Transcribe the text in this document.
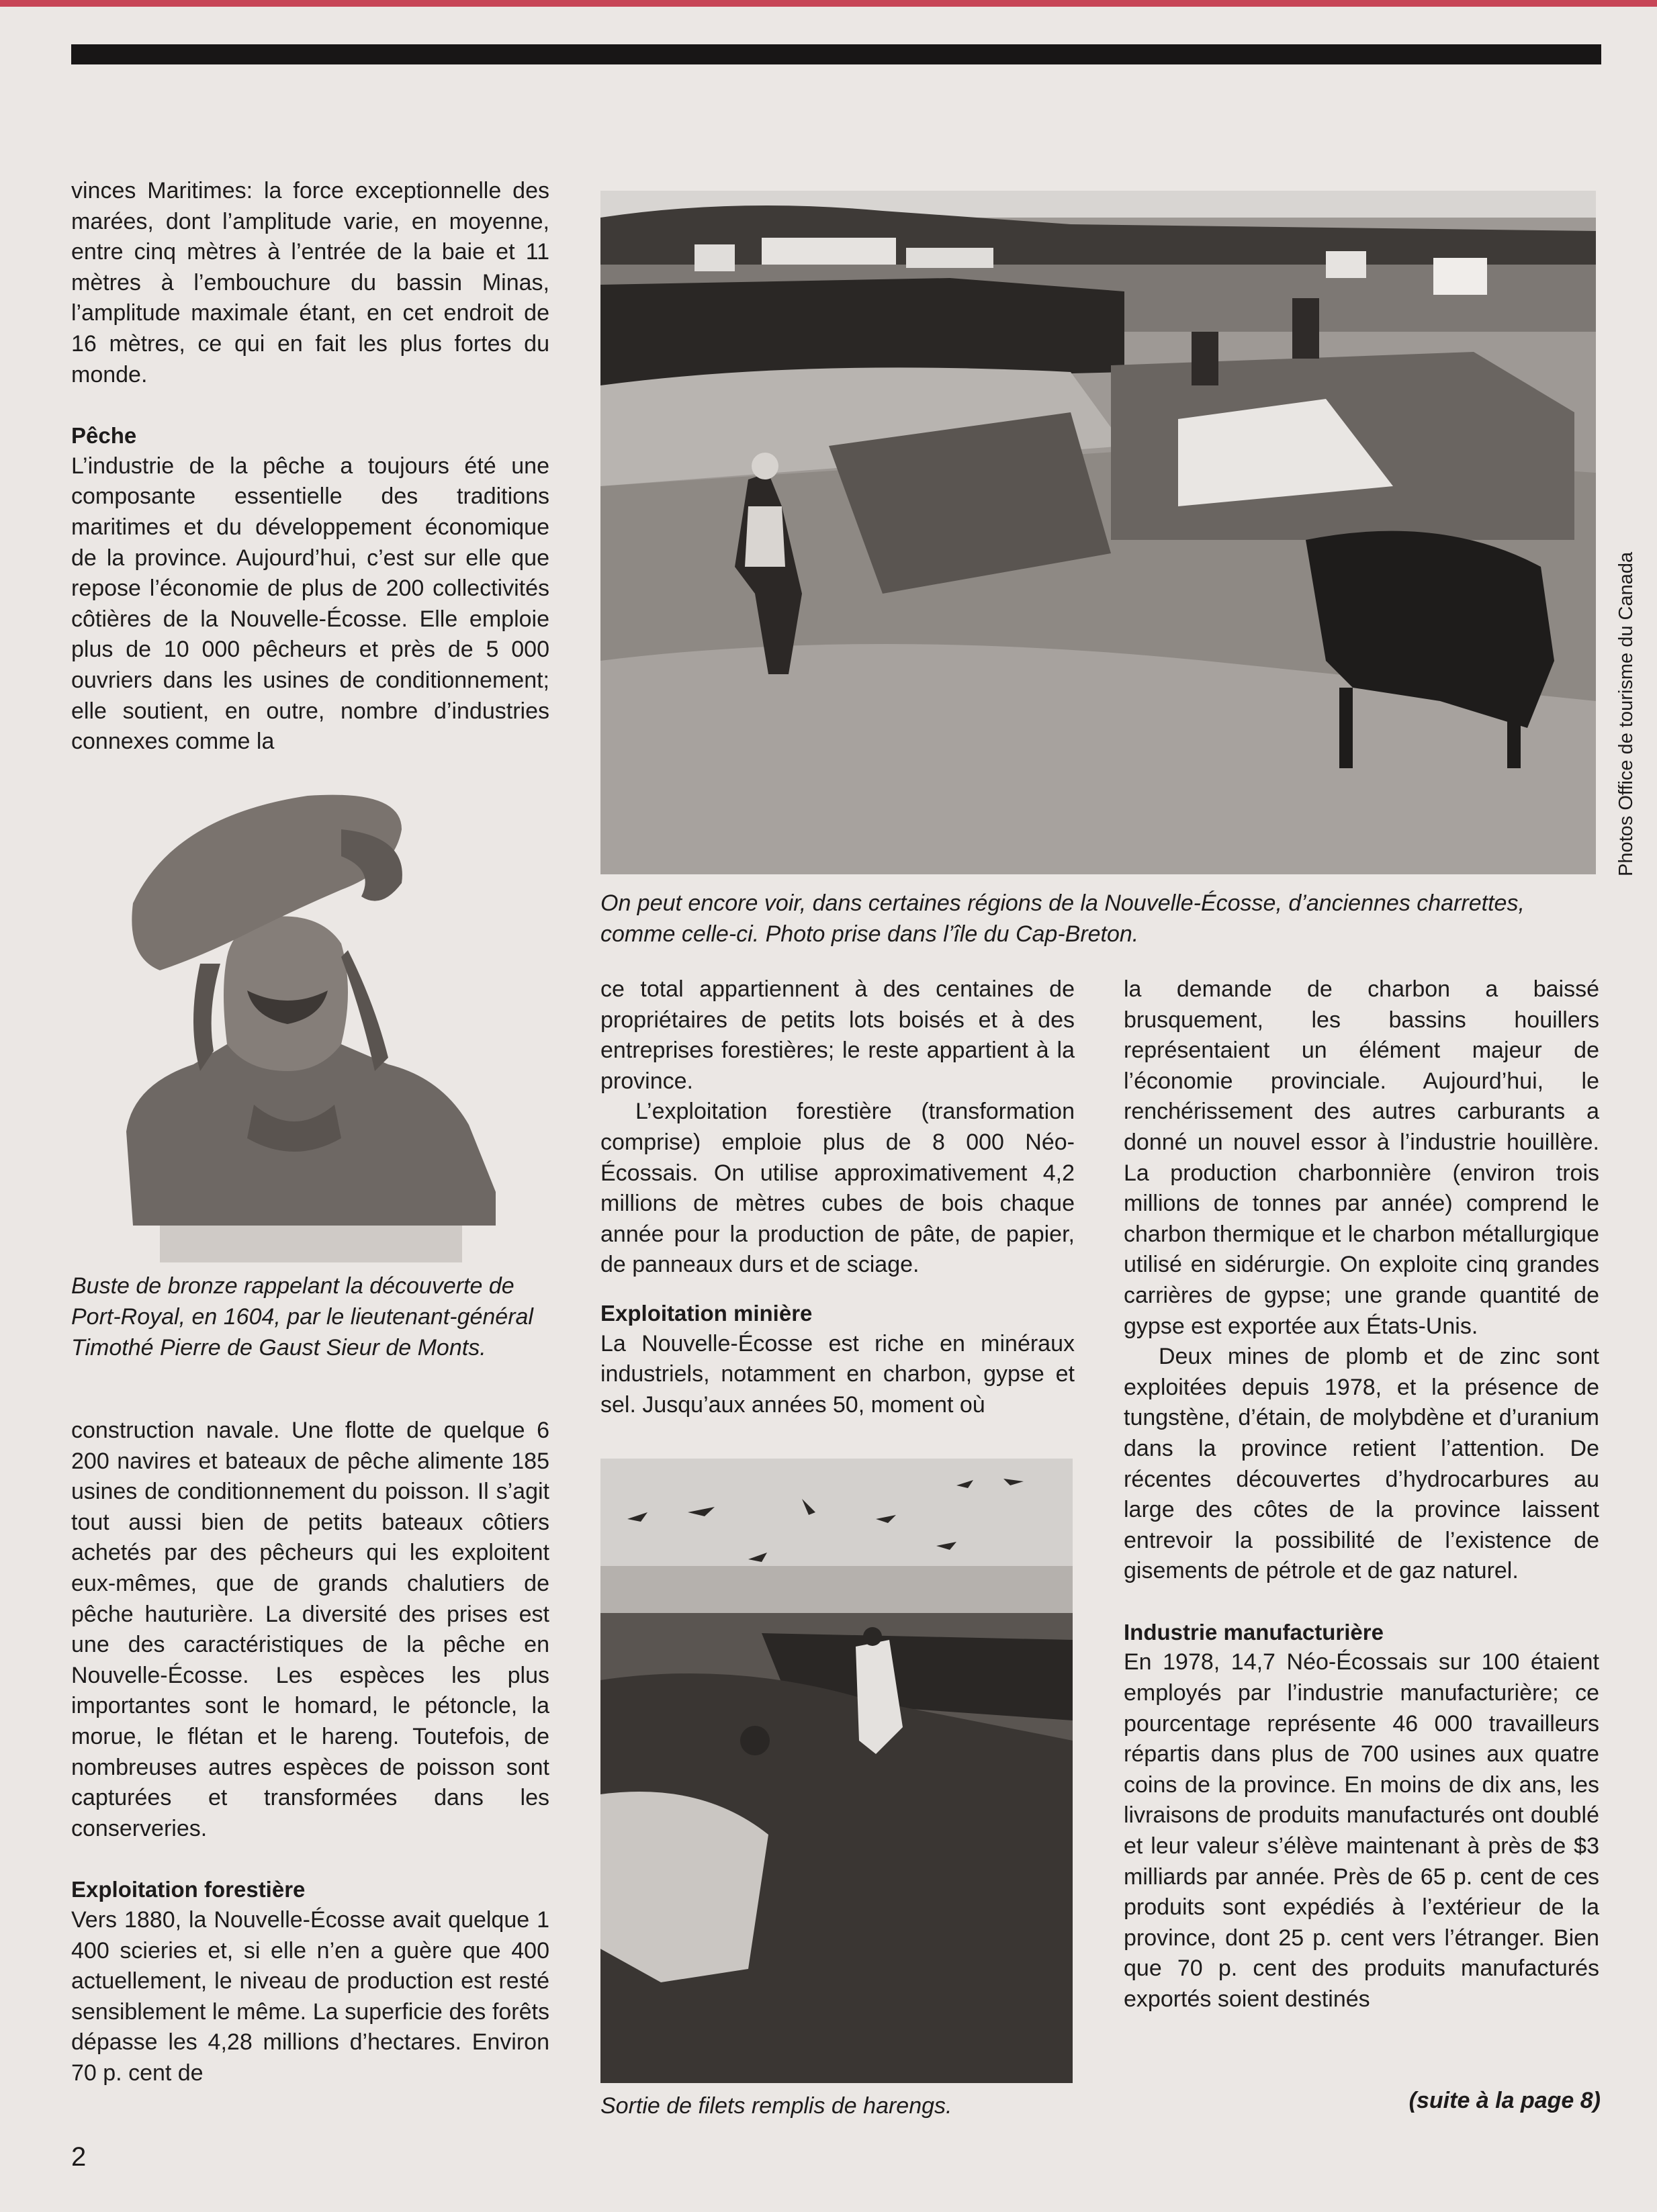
vinces Maritimes: la force exceptionnelle des marées, dont l’amplitude varie, en moyenne, entre cinq mètres à l’entrée de la baie et 11 mètres à l’embouchure du bassin Minas, l’amplitude maximale étant, en cet endroit de 16 mètres, ce qui en fait les plus fortes du monde.

Pêche

L’industrie de la pêche a toujours été une composante essentielle des traditions maritimes et du développement économique de la province. Aujourd’hui, c’est sur elle que repose l’économie de plus de 200 collectivités côtières de la Nouvelle-Écosse. Elle emploie plus de 10 000 pêcheurs et près de 5 000 ouvriers dans les usines de conditionnement; elle soutient, en outre, nombre d’industries connexes comme la

Buste de bronze rappelant la découverte de Port-Royal, en 1604, par le lieutenant-général Timothé Pierre de Gaust Sieur de Monts.

construction navale. Une flotte de quelque 6 200 navires et bateaux de pêche alimente 185 usines de conditionnement du poisson. Il s’agit tout aussi bien de petits bateaux côtiers achetés par des pêcheurs qui les exploitent eux-mêmes, que de grands chalutiers de pêche hauturière. La diversité des prises est une des caractéristiques de la pêche en Nouvelle-Écosse. Les espèces les plus importantes sont le homard, le pétoncle, la morue, le flétan et le hareng. Toutefois, de nombreuses autres espèces de poisson sont capturées et transformées dans les conserveries.

Exploitation forestière

Vers 1880, la Nouvelle-Écosse avait quelque 1 400 scieries et, si elle n’en a guère que 400 actuellement, le niveau de production est resté sensiblement le même. La superficie des forêts dépasse les 4,28 millions d’hectares. Environ 70 p. cent de

Photos Office de tourisme du Canada
On peut encore voir, dans certaines régions de la Nouvelle-Écosse, d’anciennes charrettes, comme celle-ci. Photo prise dans l’île du Cap-Breton.

ce total appartiennent à des centaines de propriétaires de petits lots boisés et à des entreprises forestières; le reste appartient à la province.

L’exploitation forestière (transformation comprise) emploie plus de 8 000 Néo-Écossais. On utilise approximativement 4,2 millions de mètres cubes de bois chaque année pour la production de pâte, de papier, de panneaux durs et de sciage.

Exploitation minière

La Nouvelle-Écosse est riche en minéraux industriels, notamment en charbon, gypse et sel. Jusqu’aux années 50, moment où

Sortie de filets remplis de harengs.

la demande de charbon a baissé brusquement, les bassins houillers représentaient un élément majeur de l’économie provinciale. Aujourd’hui, le renchérissement des autres carburants a donné un nouvel essor à l’industrie houillère. La production charbonnière (environ trois millions de tonnes par année) comprend le charbon thermique et le charbon métallurgique utilisé en sidérurgie. On exploite cinq grandes carrières de gypse; une grande quantité de gypse est exportée aux États-Unis.

Deux mines de plomb et de zinc sont exploitées depuis 1978, et la présence de tungstène, d’étain, de molybdène et d’uranium dans la province retient l’attention. De récentes découvertes d’hydrocarbures au large des côtes de la province laissent entrevoir la possibilité de l’existence de gisements de pétrole et de gaz naturel.

Industrie manufacturière

En 1978, 14,7 Néo-Écossais sur 100 étaient employés par l’industrie manufacturière; ce pourcentage représente 46 000 travailleurs répartis dans plus de 700 usines aux quatre coins de la province. En moins de dix ans, les livraisons de produits manufacturés ont doublé et leur valeur s’élève maintenant à près de $3 milliards par année. Près de 65 p. cent de ces produits sont expédiés à l’extérieur de la province, dont 25 p. cent vers l’étranger. Bien que 70 p. cent des produits manufacturés exportés soient destinés

(suite à la page 8)
2
